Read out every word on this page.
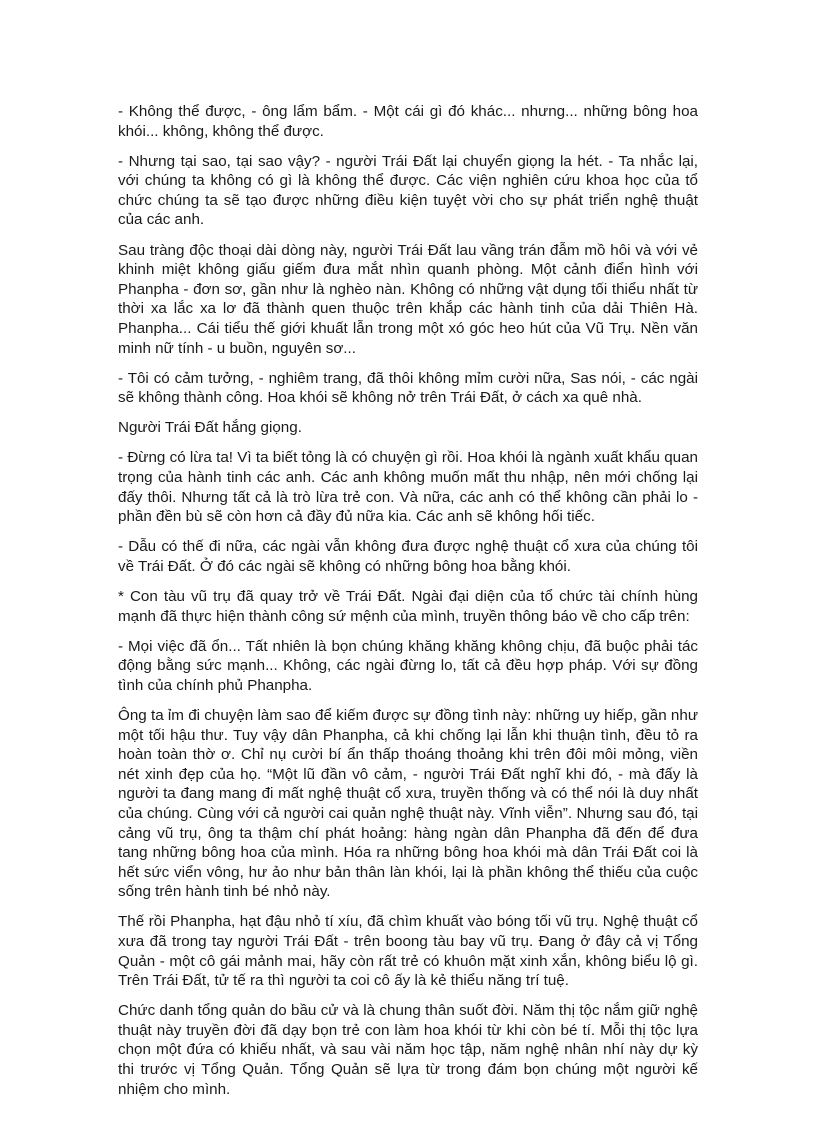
- Không thể được, - ông lẩm bẩm. - Một cái gì đó khác... nhưng... những bông hoa khói... không, không thể được.

- Nhưng tại sao, tại sao vậy? - người Trái Đất lại chuyển giọng la hét. - Ta nhắc lại, với chúng ta không có gì là không thể được. Các viện nghiên cứu khoa học của tổ chức chúng ta sẽ tạo được những điều kiện tuyệt vời cho sự phát triển nghệ thuật của các anh.

Sau tràng độc thoại dài dòng này, người Trái Đất lau vầng trán đẫm mồ hôi và với vẻ khinh miệt không giấu giếm đưa mắt nhìn quanh phòng. Một cảnh điển hình với Phanpha - đơn sơ, gần như là nghèo nàn. Không có những vật dụng tối thiểu nhất từ thời xa lắc xa lơ đã thành quen thuộc trên khắp các hành tinh của dải Thiên Hà. Phanpha... Cái tiểu thế giới khuất lẫn trong một xó góc heo hút của Vũ Trụ. Nền văn minh nữ tính - u buồn, nguyên sơ...

- Tôi có cảm tưởng, - nghiêm trang, đã thôi không mỉm cười nữa, Sas nói, - các ngài sẽ không thành công. Hoa khói sẽ không nở trên Trái Đất, ở cách xa quê nhà.

Người Trái Đất hắng giọng.

- Đừng có lừa ta! Vì ta biết tỏng là có chuyện gì rồi. Hoa khói là ngành xuất khẩu quan trọng của hành tinh các anh. Các anh không muốn mất thu nhập, nên mới chống lại đấy thôi. Nhưng tất cả là trò lừa trẻ con. Và nữa, các anh có thể không cần phải lo - phần đền bù sẽ còn hơn cả đầy đủ nữa kia. Các anh sẽ không hối tiếc.

- Dẫu có thế đi nữa, các ngài vẫn không đưa được nghệ thuật cổ xưa của chúng tôi về Trái Đất. Ở đó các ngài sẽ không có những bông hoa bằng khói.

* Con tàu vũ trụ đã quay trở về Trái Đất. Ngài đại diện của tổ chức tài chính hùng mạnh đã thực hiện thành công sứ mệnh của mình, truyền thông báo về cho cấp trên:

- Mọi việc đã ổn... Tất nhiên là bọn chúng khăng khăng không chịu, đã buộc phải tác động bằng sức mạnh... Không, các ngài đừng lo, tất cả đều hợp pháp. Với sự đồng tình của chính phủ Phanpha.

Ông ta ỉm đi chuyện làm sao để kiếm được sự đồng tình này: những uy hiếp, gần như một tối hậu thư. Tuy vậy dân Phanpha, cả khi chống lại lẫn khi thuận tình, đều tỏ ra hoàn toàn thờ ơ. Chỉ nụ cười bí ẩn thấp thoáng thoảng khi trên đôi môi mỏng, viền nét xinh đẹp của họ. “Một lũ đần vô cảm, - người Trái Đất nghĩ khi đó, - mà đấy là người ta đang mang đi mất nghệ thuật cổ xưa, truyền thống và có thể nói là duy nhất của chúng. Cùng với cả người cai quản nghệ thuật này. Vĩnh viễn”. Nhưng sau đó, tại cảng vũ trụ, ông ta thậm chí phát hoảng: hàng ngàn dân Phanpha đã đến để đưa tang những bông hoa của mình. Hóa ra những bông hoa khói mà dân Trái Đất coi là hết sức viển vông, hư ảo như bản thân làn khói, lại là phần không thể thiếu của cuộc sống trên hành tinh bé nhỏ này.

Thế rồi Phanpha, hạt đậu nhỏ tí xíu, đã chìm khuất vào bóng tối vũ trụ. Nghệ thuật cổ xưa đã trong tay người Trái Đất - trên boong tàu bay vũ trụ. Đang ở đây cả vị Tổng Quản - một cô gái mảnh mai, hãy còn rất trẻ có khuôn mặt xinh xắn, không biểu lộ gì. Trên Trái Đất, tử tế ra thì người ta coi cô ấy là kẻ thiểu năng trí tuệ.

Chức danh tổng quản do bầu cử và là chung thân suốt đời. Năm thị tộc nắm giữ nghệ thuật này truyền đời đã dạy bọn trẻ con làm hoa khói từ khi còn bé tí. Mỗi thị tộc lựa chọn một đứa có khiếu nhất, và sau vài năm học tập, năm nghệ nhân nhí này dự kỳ thi trước vị Tổng Quản. Tổng Quản sẽ lựa từ trong đám bọn chúng một người kế nhiệm cho mình.
